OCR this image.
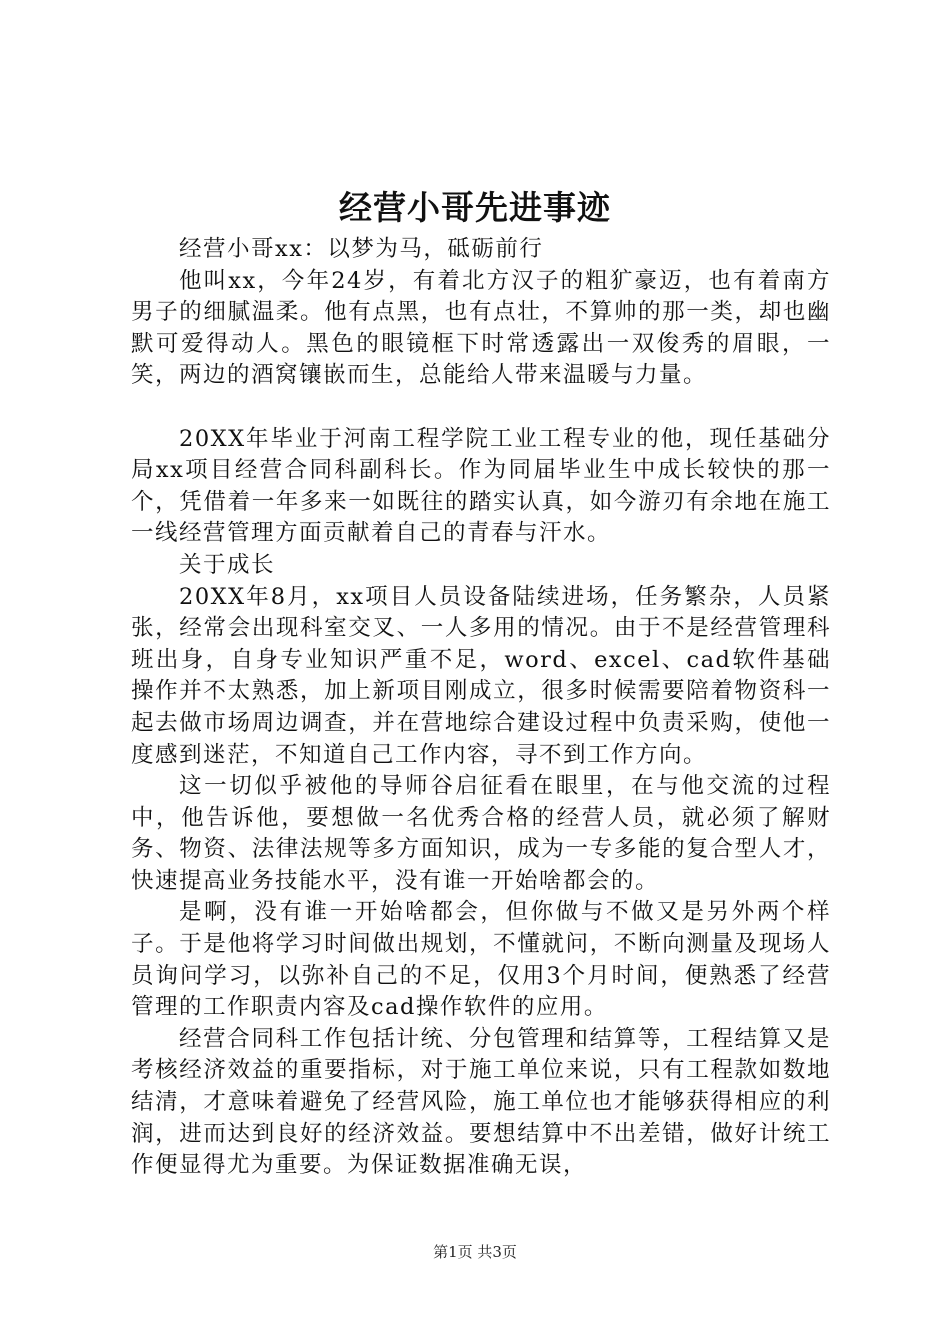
经营小哥先进事迹

经营小哥xx：以梦为马，砥砺前行

他叫xx，今年24岁，有着北方汉子的粗犷豪迈，也有着南方男子的细腻温柔。他有点黑，也有点壮，不算帅的那一类，却也幽默可爱得动人。黑色的眼镜框下时常透露出一双俊秀的眉眼，一笑，两边的酒窝镶嵌而生，总能给人带来温暖与力量。

20XX年毕业于河南工程学院工业工程专业的他，现任基础分局xx项目经营合同科副科长。作为同届毕业生中成长较快的那一个，凭借着一年多来一如既往的踏实认真，如今游刃有余地在施工一线经营管理方面贡献着自己的青春与汗水。

关于成长

20XX年8月，xx项目人员设备陆续进场，任务繁杂，人员紧张，经常会出现科室交叉、一人多用的情况。由于不是经营管理科班出身，自身专业知识严重不足，word、excel、cad软件基础操作并不太熟悉，加上新项目刚成立，很多时候需要陪着物资科一起去做市场周边调查，并在营地综合建设过程中负责采购，使他一度感到迷茫，不知道自己工作内容，寻不到工作方向。

这一切似乎被他的导师谷启征看在眼里，在与他交流的过程中，他告诉他，要想做一名优秀合格的经营人员，就必须了解财务、物资、法律法规等多方面知识，成为一专多能的复合型人才，快速提高业务技能水平，没有谁一开始啥都会的。

是啊，没有谁一开始啥都会，但你做与不做又是另外两个样子。于是他将学习时间做出规划，不懂就问，不断向测量及现场人员询问学习，以弥补自己的不足，仅用3个月时间，便熟悉了经营管理的工作职责内容及cad操作软件的应用。

经营合同科工作包括计统、分包管理和结算等，工程结算又是考核经济效益的重要指标，对于施工单位来说，只有工程款如数地结清，才意味着避免了经营风险，施工单位也才能够获得相应的利润，进而达到良好的经济效益。要想结算中不出差错，做好计统工作便显得尤为重要。为保证数据准确无误，

第1页 共3页
